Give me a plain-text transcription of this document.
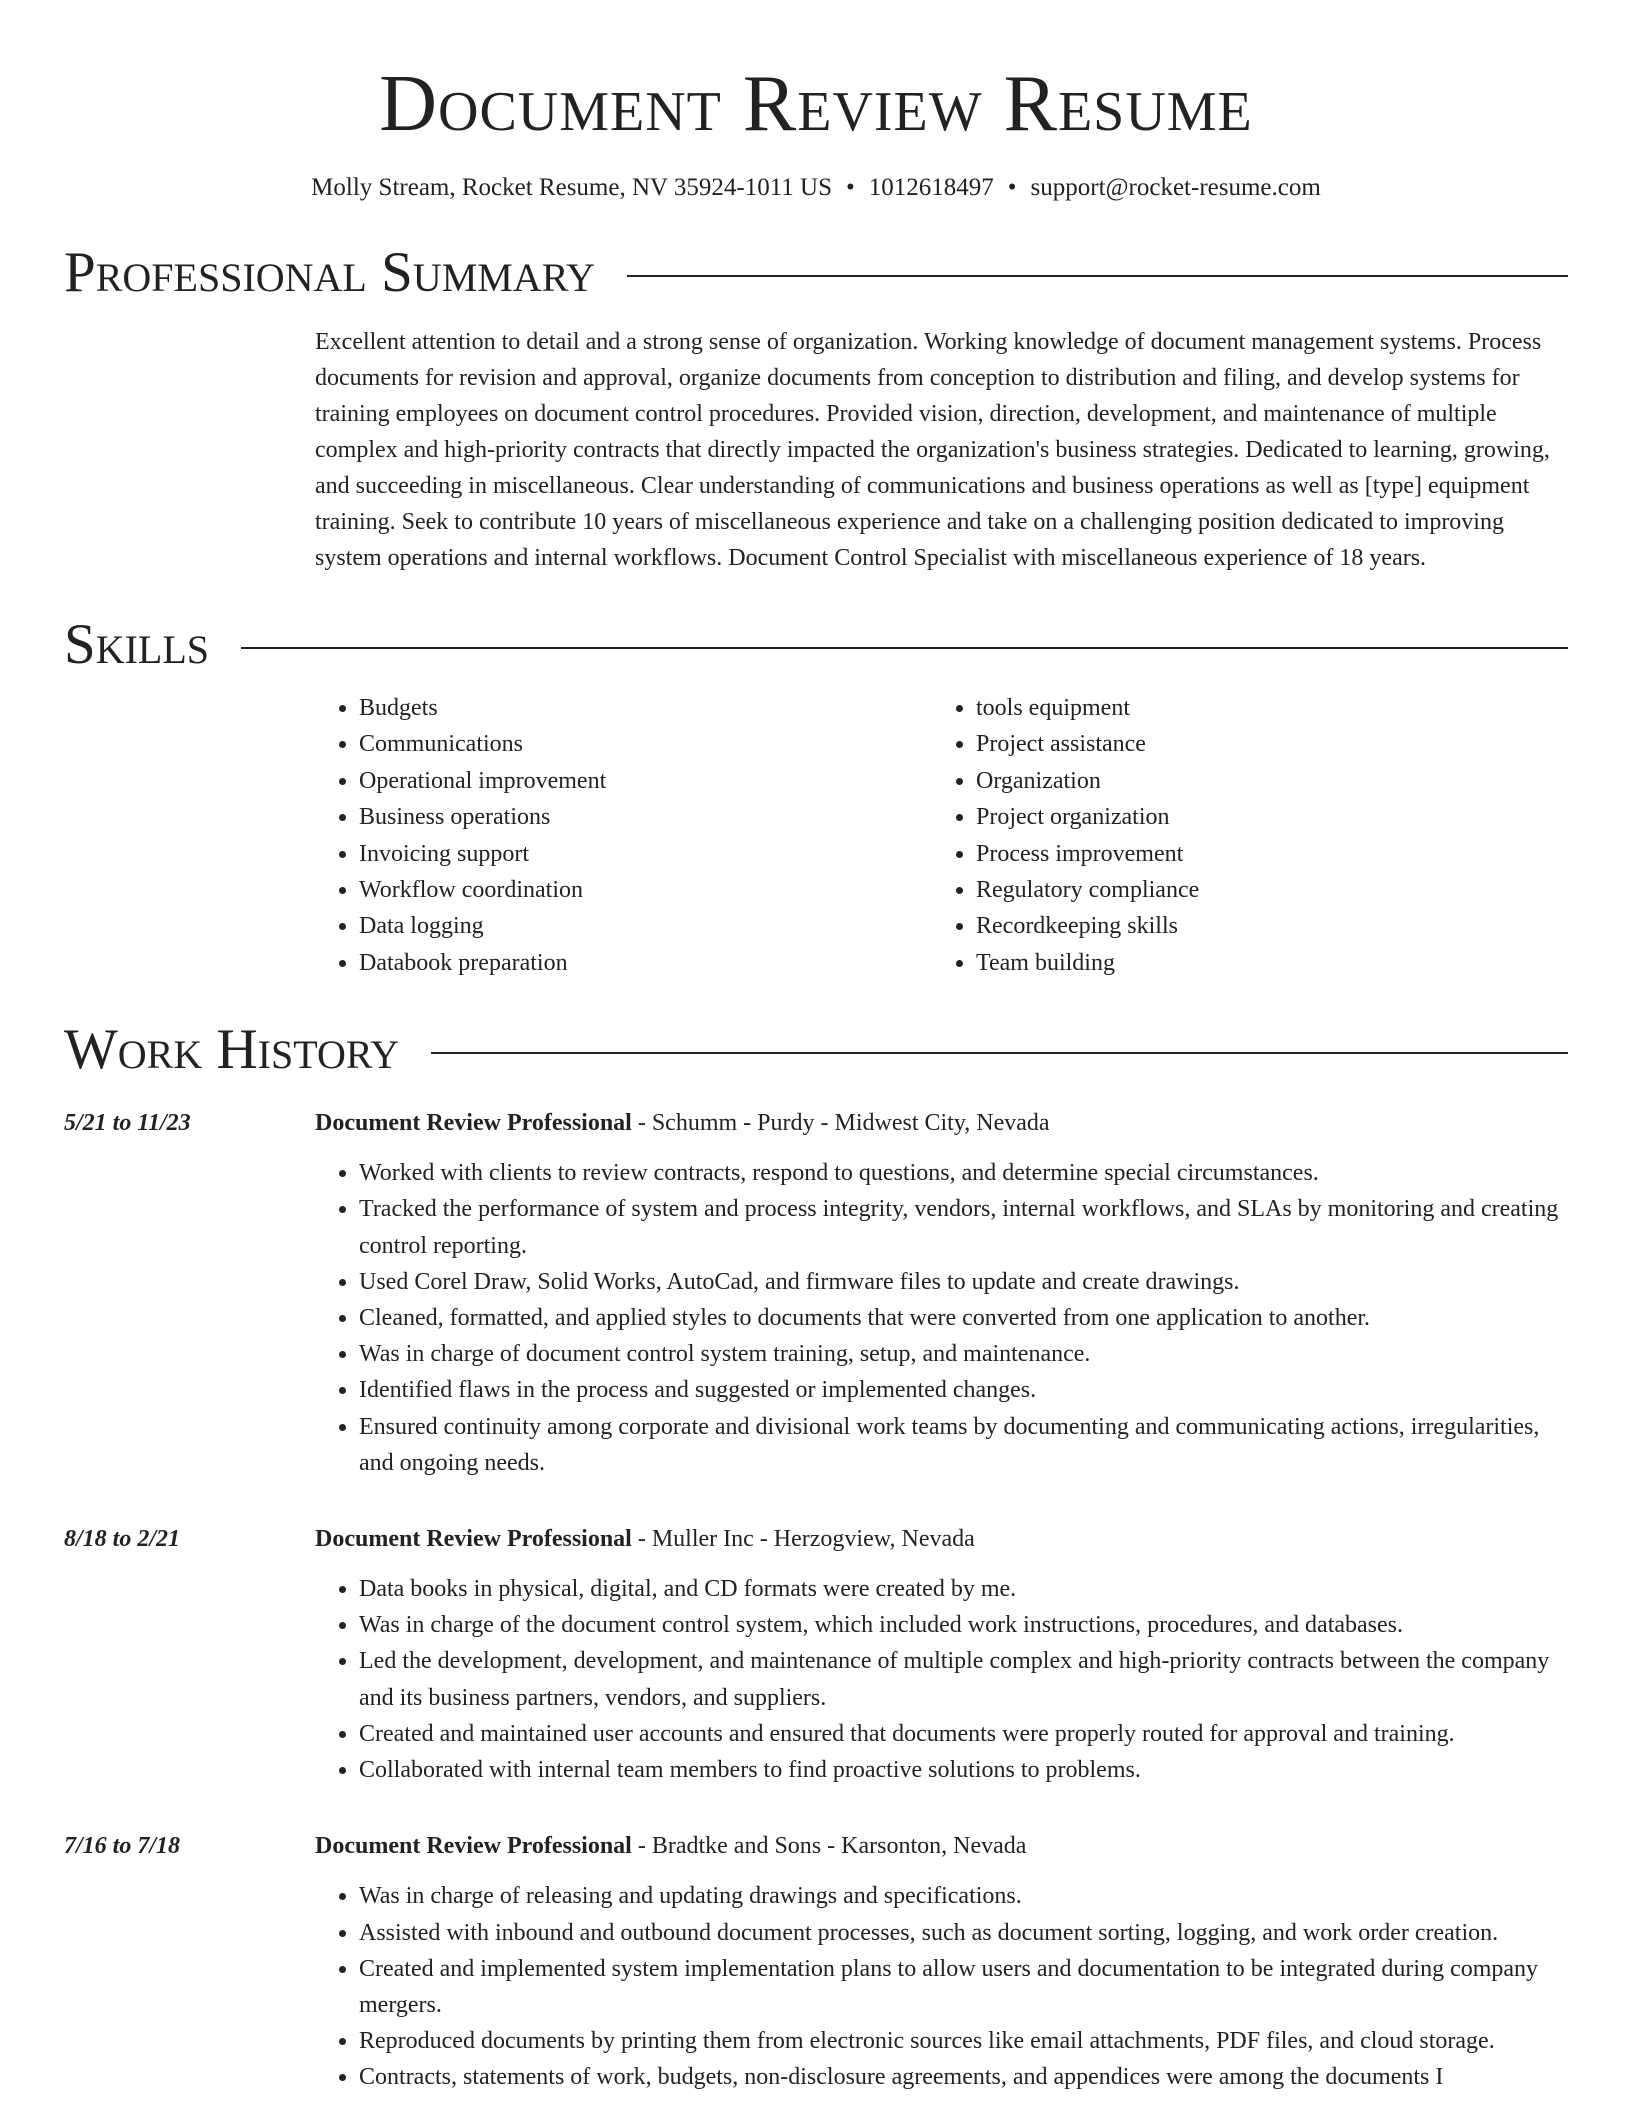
Document Review Resume
Molly Stream, Rocket Resume, NV 35924-1011 US • 1012618497 • support@rocket-resume.com
Professional Summary
Excellent attention to detail and a strong sense of organization. Working knowledge of document management systems. Process documents for revision and approval, organize documents from conception to distribution and filing, and develop systems for training employees on document control procedures. Provided vision, direction, development, and maintenance of multiple complex and high-priority contracts that directly impacted the organization's business strategies. Dedicated to learning, growing, and succeeding in miscellaneous. Clear understanding of communications and business operations as well as [type] equipment training. Seek to contribute 10 years of miscellaneous experience and take on a challenging position dedicated to improving system operations and internal workflows. Document Control Specialist with miscellaneous experience of 18 years.
Skills
• Budgets
• Communications
• Operational improvement
• Business operations
• Invoicing support
• Workflow coordination
• Data logging
• Databook preparation
• tools equipment
• Project assistance
• Organization
• Project organization
• Process improvement
• Regulatory compliance
• Recordkeeping skills
• Team building
Work History
5/21 to 11/23	Document Review Professional - Schumm - Purdy - Midwest City, Nevada
• Worked with clients to review contracts, respond to questions, and determine special circumstances.
• Tracked the performance of system and process integrity, vendors, internal workflows, and SLAs by monitoring and creating control reporting.
• Used Corel Draw, Solid Works, AutoCad, and firmware files to update and create drawings.
• Cleaned, formatted, and applied styles to documents that were converted from one application to another.
• Was in charge of document control system training, setup, and maintenance.
• Identified flaws in the process and suggested or implemented changes.
• Ensured continuity among corporate and divisional work teams by documenting and communicating actions, irregularities, and ongoing needs.
8/18 to 2/21	Document Review Professional - Muller Inc - Herzogview, Nevada
• Data books in physical, digital, and CD formats were created by me.
• Was in charge of the document control system, which included work instructions, procedures, and databases.
• Led the development, development, and maintenance of multiple complex and high-priority contracts between the company and its business partners, vendors, and suppliers.
• Created and maintained user accounts and ensured that documents were properly routed for approval and training.
• Collaborated with internal team members to find proactive solutions to problems.
7/16 to 7/18	Document Review Professional - Bradtke and Sons - Karsonton, Nevada
• Was in charge of releasing and updating drawings and specifications.
• Assisted with inbound and outbound document processes, such as document sorting, logging, and work order creation.
• Created and implemented system implementation plans to allow users and documentation to be integrated during company mergers.
• Reproduced documents by printing them from electronic sources like email attachments, PDF files, and cloud storage.
• Contracts, statements of work, budgets, non-disclosure agreements, and appendices were among the documents I
